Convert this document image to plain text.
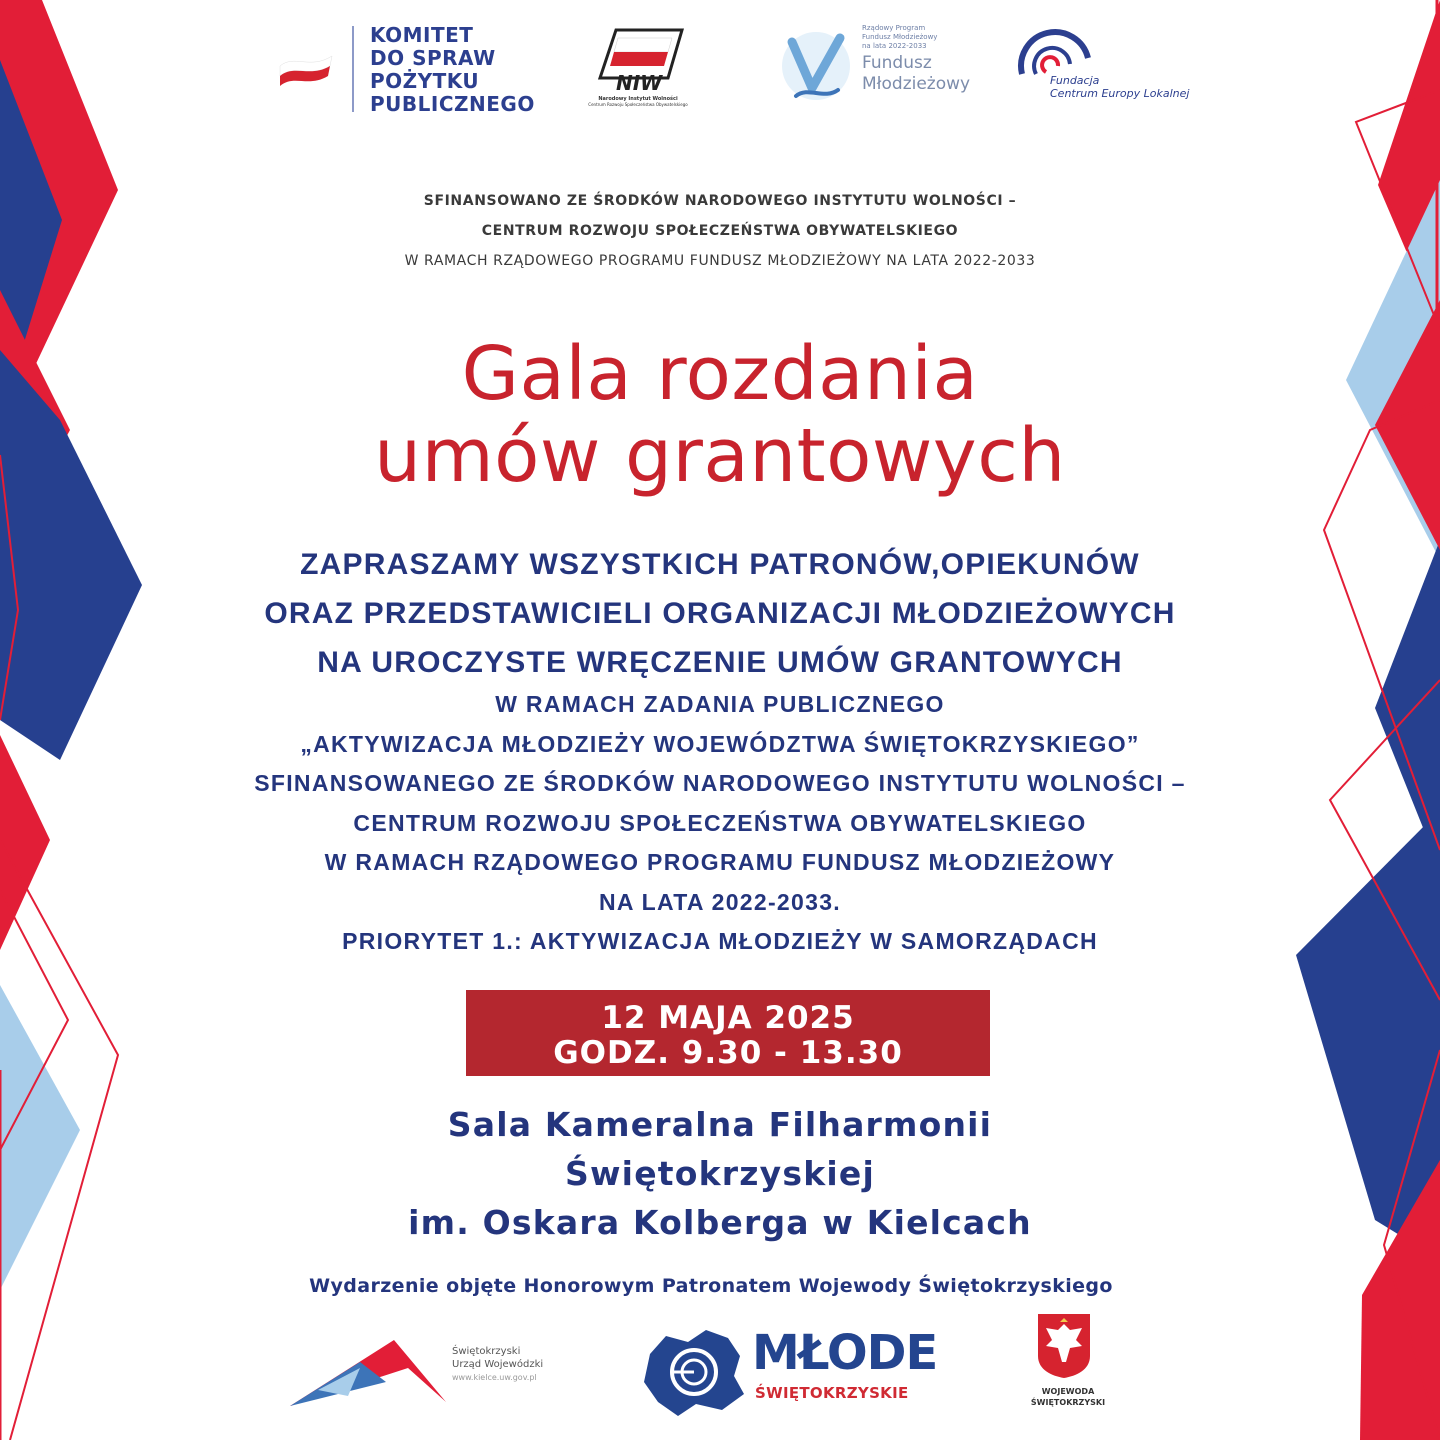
KOMITET
DO SPRAW
POŻYTKU
PUBLICZNEGO
NIW
Narodowy Instytut Wolności
Centrum Rozwoju Społeczeństwa Obywatelskiego
Rządowy Program
Fundusz Młodzieżowy
na lata 2022-2033
Fundusz
Młodzieżowy	Fundacja
Centrum Europy Lokalnej
SFINANSOWANO ZE ŚRODKÓW NARODOWEGO INSTYTUTU WOLNOŚCI –
CENTRUM ROZWOJU SPOŁECZEŃSTWA OBYWATELSKIEGO
W RAMACH RZĄDOWEGO PROGRAMU FUNDUSZ MŁODZIEŻOWY NA LATA 2022-2033
Gala rozdania
umów grantowych
ZAPRASZAMY WSZYSTKICH PATRONÓW,OPIEKUNÓW
ORAZ PRZEDSTAWICIELI ORGANIZACJI MŁODZIEŻOWYCH
NA UROCZYSTE WRĘCZENIE UMÓW GRANTOWYCH
W RAMACH ZADANIA PUBLICZNEGO
„AKTYWIZACJA MŁODZIEŻY WOJEWÓDZTWA ŚWIĘTOKRZYSKIEGO”
SFINANSOWANEGO ZE ŚRODKÓW NARODOWEGO INSTYTUTU WOLNOŚCI –
CENTRUM ROZWOJU SPOŁECZEŃSTWA OBYWATELSKIEGO
W RAMACH RZĄDOWEGO PROGRAMU FUNDUSZ MŁODZIEŻOWY
NA LATA 2022-2033.
PRIORYTET 1.: AKTYWIZACJA MŁODZIEŻY W SAMORZĄDACH
12 MAJA 2025
GODZ. 9.30 - 13.30
Sala Kameralna Filharmonii
Świętokrzyskiej
im. Oskara Kolberga w Kielcach
Wydarzenie objęte Honorowym Patronatem Wojewody Świętokrzyskiego
Świętokrzyski
Urząd Wojewódzki
www.kielce.uw.gov.pl	MŁODE
ŚWIĘTOKRZYSKIE	WOJEWODA
ŚWIĘTOKRZYSKI
